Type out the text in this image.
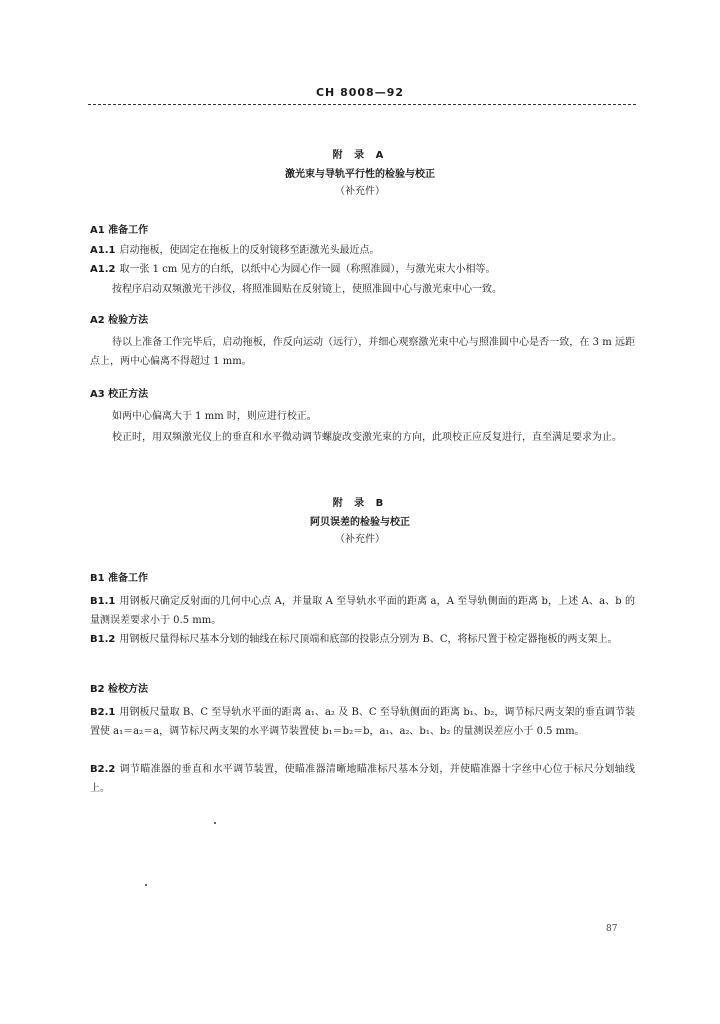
CH 8008—92
附 录 A
激光束与导轨平行性的检验与校正
（补充件）
A1 准备工作
A1.1 启动拖板，使固定在拖板上的反射镜移至距激光头最近点。
A1.2 取一张 1 cm 见方的白纸，以纸中心为圆心作一圆（称照准圆），与激光束大小相等。
按程序启动双频激光干涉仪，将照准圆贴在反射镜上，使照准圆中心与激光束中心一致。
A2 检验方法
待以上准备工作完毕后，启动拖板，作反向运动（远行），并细心观察激光束中心与照准圆中心是否一致，在 3 m 远距点上，两中心偏离不得超过 1 mm。
A3 校正方法
如两中心偏离大于 1 mm 时，则应进行校正。
校正时，用双频激光仪上的垂直和水平微动调节螺旋改变激光束的方向，此项校正应反复进行，直至满足要求为止。
附 录 B
阿贝误差的检验与校正
（补充件）
B1 准备工作
B1.1 用钢板尺确定反射面的几何中心点 A，并量取 A 至导轨水平面的距离 a，A 至导轨侧面的距离 b，上述 A、a、b 的量测误差要求小于 0.5 mm。
B1.2 用钢板尺量得标尺基本分划的轴线在标尺顶端和底部的投影点分别为 B、C，将标尺置于检定器拖板的两支架上。
B2 检校方法
B2.1 用钢板尺量取 B、C 至导轨水平面的距离 a₁、a₂ 及 B、C 至导轨侧面的距离 b₁、b₂，调节标尺两支架的垂直调节装置使 a₁＝a₂＝a，调节标尺两支架的水平调节装置使 b₁＝b₂＝b，a₁、a₂、b₁、b₂ 的量测误差应小于 0.5 mm。
B2.2 调节瞄准器的垂直和水平调节装置，使瞄准器清晰地瞄准标尺基本分划，并使瞄准器十字丝中心位于标尺分划轴线上。
87
